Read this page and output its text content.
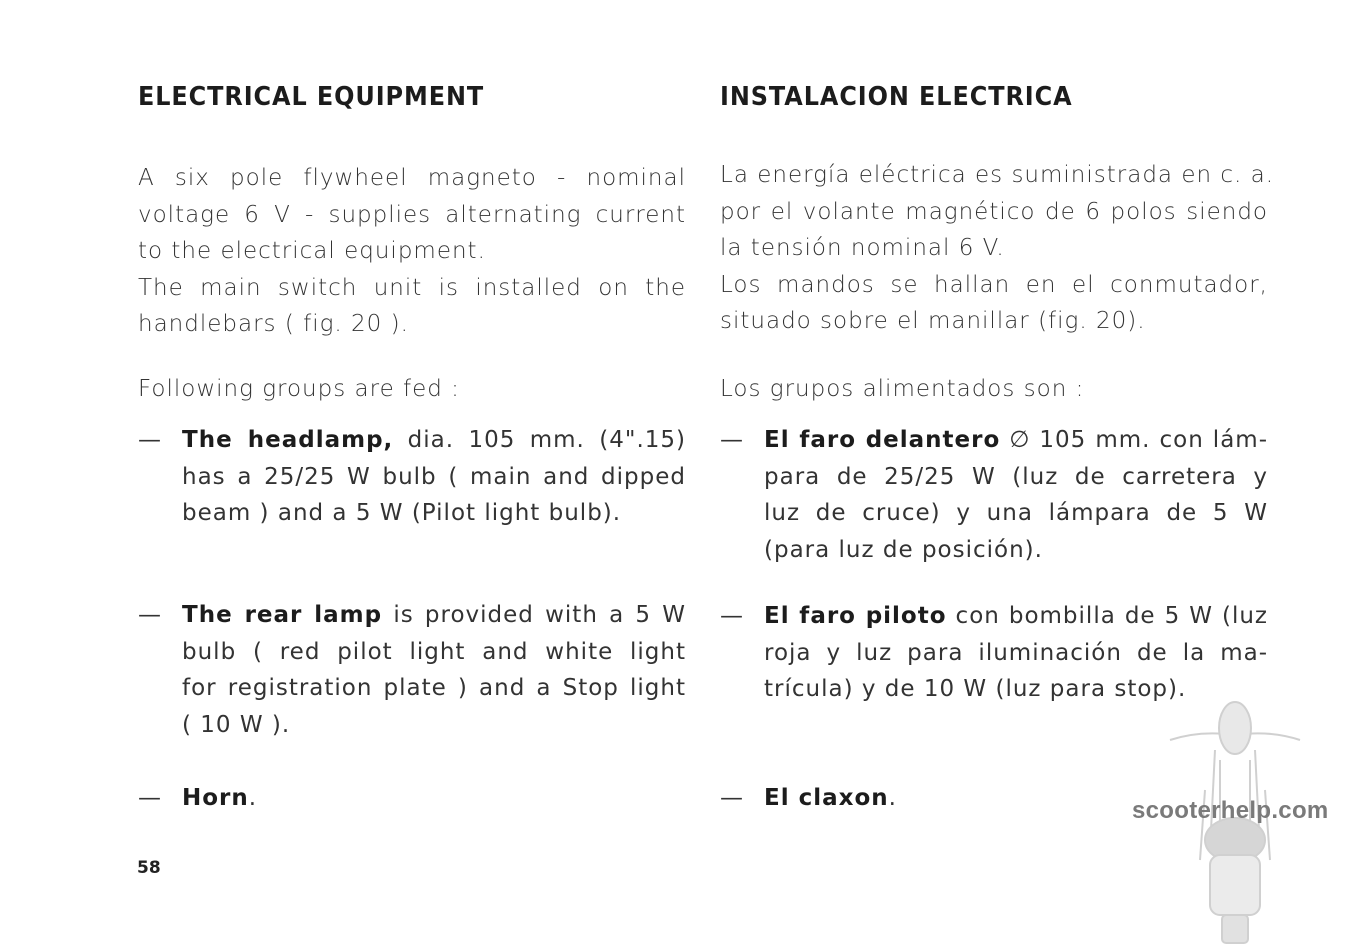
ELECTRICAL EQUIPMENT
A six pole flywheel magneto - nominal
voltage 6 V - supplies alternating current
to the electrical equipment.
The main switch unit is installed on the
handlebars ( fig. 20 ).
Following groups are fed :
— The headlamp, dia. 105 mm. (4".15)
has a 25/25 W bulb ( main and dipped
beam ) and a 5 W (Pilot light bulb).
— The rear lamp is provided with a 5 W
bulb ( red pilot light and white light
for registration plate ) and a Stop light
( 10 W ).
— Horn.
INSTALACION ELECTRICA
La energía eléctrica es suministrada en c. a.
por el volante magnético de 6 polos siendo
la tensión nominal 6 V.
Los mandos se hallan en el conmutador,
situado sobre el manillar (fig. 20).
Los grupos alimentados son :
— El faro delantero ∅ 105 mm. con lám-
para de 25/25 W (luz de carretera y
luz de cruce) y una lámpara de 5 W
(para luz de posición).
— El faro piloto con bombilla de 5 W (luz
roja y luz para iluminación de la ma-
trícula) y de 10 W (luz para stop).
— El claxon.	scooterhelp.com
58
